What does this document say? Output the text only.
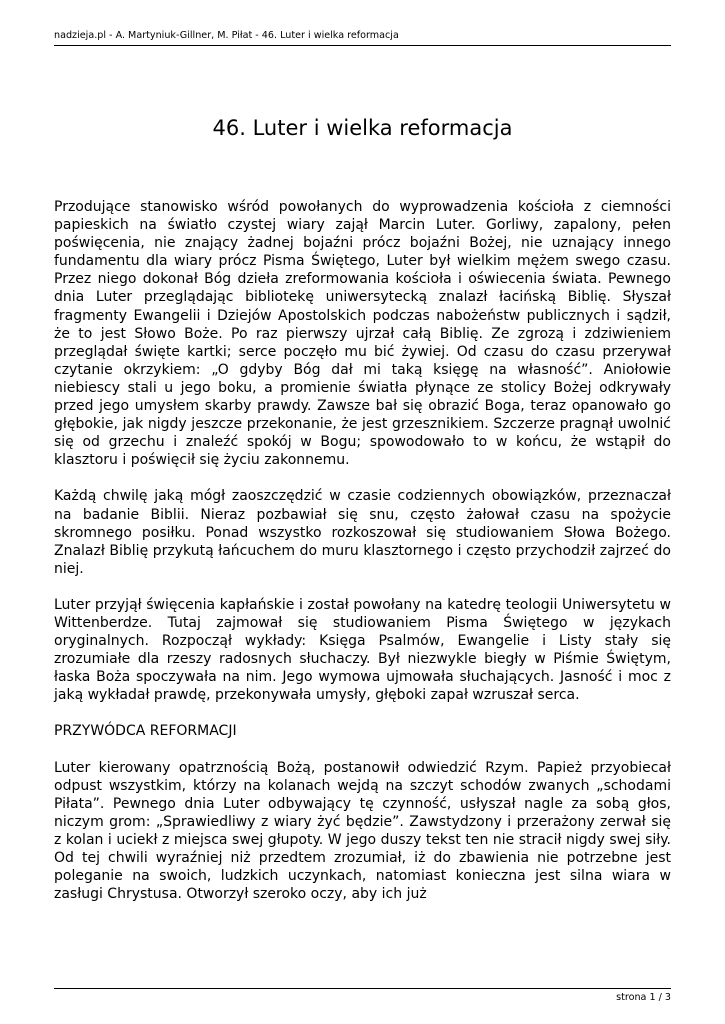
nadzieja.pl - A. Martyniuk-Gillner, M. Piłat - 46. Luter i wielka reformacja
46. Luter i wielka reformacja

Przodujące stanowisko wśród powołanych do wyprowadzenia kościoła z ciemności papieskich na światło czystej wiary zajął Marcin Luter. Gorliwy, zapalony, pełen poświęcenia, nie znający żadnej bojaźni prócz bojaźni Bożej, nie uznający innego fundamentu dla wiary prócz Pisma Świętego, Luter był wielkim mężem swego czasu. Przez niego dokonał Bóg dzieła zreformowania kościoła i oświecenia świata. Pewnego dnia Luter przeglądając bibliotekę uniwersytecką znalazł łacińską Biblię. Słyszał fragmenty Ewangelii i Dziejów Apostolskich podczas nabożeństw publicznych i sądził, że to jest Słowo Boże. Po raz pierwszy ujrzał całą Biblię. Ze zgrozą i zdziwieniem przeglądał święte kartki; serce poczęło mu bić żywiej. Od czasu do czasu przerywał czytanie okrzykiem: „O gdyby Bóg dał mi taką księgę na własność”. Aniołowie niebiescy stali u jego boku, a promienie światła płynące ze stolicy Bożej odkrywały przed jego umysłem skarby prawdy. Zawsze bał się obrazić Boga, teraz opanowało go głębokie, jak nigdy jeszcze przekonanie, że jest grzesznikiem. Szczerze pragnął uwolnić się od grzechu i znaleźć spokój w Bogu; spowodowało to w końcu, że wstąpił do klasztoru i poświęcił się życiu zakonnemu.

Każdą chwilę jaką mógł zaoszczędzić w czasie codziennych obowiązków, przeznaczał na badanie Biblii. Nieraz pozbawiał się snu, często żałował czasu na spożycie skromnego posiłku. Ponad wszystko rozkoszował się studiowaniem Słowa Bożego. Znalazł Biblię przykutą łańcuchem do muru klasztornego i często przychodził zajrzeć do niej.

Luter przyjął święcenia kapłańskie i został powołany na katedrę teologii Uniwersytetu w Wittenberdze. Tutaj zajmował się studiowaniem Pisma Świętego w językach oryginalnych. Rozpoczął wykłady: Księga Psalmów, Ewangelie i Listy stały się zrozumiałe dla rzeszy radosnych słuchaczy. Był niezwykle biegły w Piśmie Świętym, łaska Boża spoczywała na nim. Jego wymowa ujmowała słuchających. Jasność i moc z jaką wykładał prawdę, przekonywała umysły, głęboki zapał wzruszał serca.

PRZYWÓDCA REFORMACJI

Luter kierowany opatrznością Bożą, postanowił odwiedzić Rzym. Papież przyobiecał odpust wszystkim, którzy na kolanach wejdą na szczyt schodów zwanych „schodami Piłata”. Pewnego dnia Luter odbywający tę czynność, usłyszał nagle za sobą głos, niczym grom: „Sprawiedliwy z wiary żyć będzie”. Zawstydzony i przerażony zerwał się z kolan i uciekł z miejsca swej głupoty. W jego duszy tekst ten nie stracił nigdy swej siły. Od tej chwili wyraźniej niż przedtem zrozumiał, iż do zbawienia nie potrzebne jest poleganie na swoich, ludzkich uczynkach, natomiast konieczna jest silna wiara w zasługi Chrystusa. Otworzył szeroko oczy, aby ich już

strona 1 / 3
